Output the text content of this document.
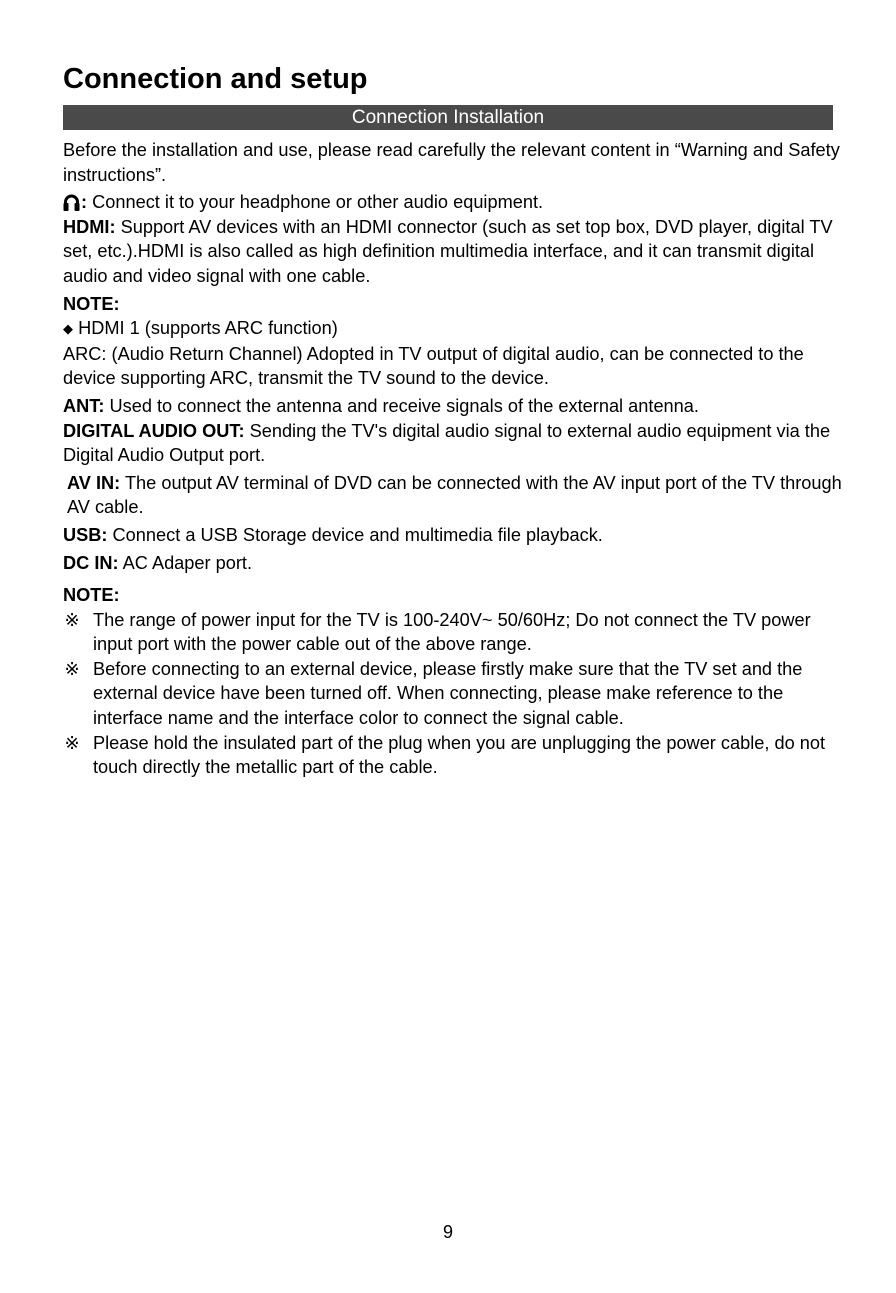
Connection and setup
Connection Installation

Before the installation and use, please read carefully the relevant content in “Warning and Safety instructions”.

: Connect it to your headphone or other audio equipment.

HDMI: Support AV devices with an HDMI connector (such as set top box, DVD player, digital TV set, etc.).HDMI is also called as high definition multimedia interface, and it can transmit digital audio and video signal with one cable.

NOTE:

◆ HDMI 1 (supports ARC function)

ARC: (Audio Return Channel) Adopted in TV output of digital audio, can be connected to the device supporting ARC, transmit the TV sound to the device.

ANT: Used to connect the antenna and receive signals of the external antenna.

DIGITAL AUDIO OUT: Sending the TV's digital audio signal to external audio equipment via the Digital Audio Output port.

AV IN: The output AV terminal of DVD can be connected with the AV input port of the TV through AV cable.

USB: Connect a USB Storage device and multimedia file playback.

DC IN: AC Adaper port.

NOTE:

※ The range of power input for the TV is 100-240V~ 50/60Hz; Do not connect the TV power input port with the power cable out of the above range.
※ Before connecting to an external device, please firstly make sure that the TV set and the external device have been turned off. When connecting, please make reference to the interface name and the interface color to connect the signal cable.
※ Please hold the insulated part of the plug when you are unplugging the power cable, do not touch directly the metallic part of the cable.
9
